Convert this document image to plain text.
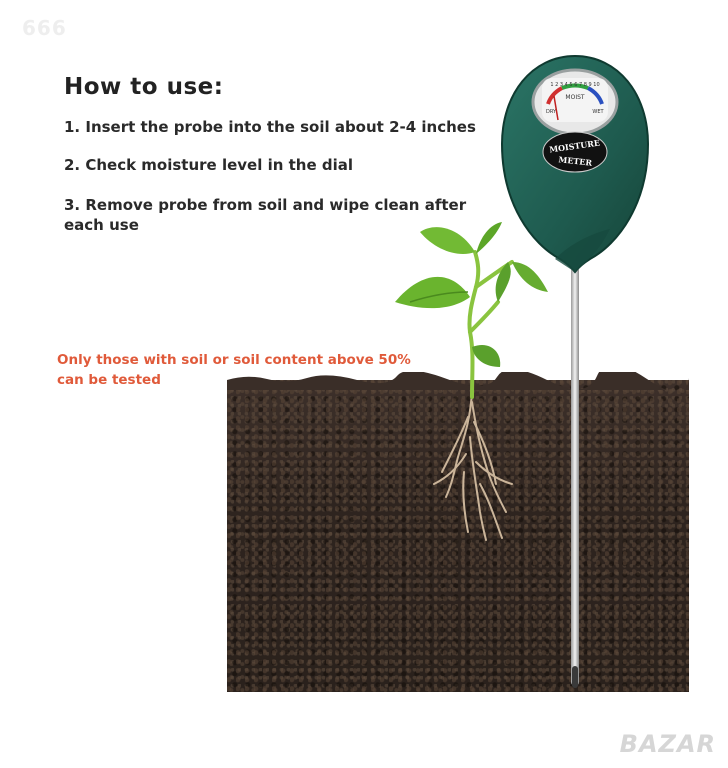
666
How to use:
1. Insert the probe into the soil about 2-4 inches
2. Check moisture level in the dial
3. Remove probe from soil and wipe clean after each use
Only those with soil or soil content above 50% can be tested
1 2 3 4 5 6 7 8 9 10
MOIST
DRY	WET
MOISTURE
METER
BAZAR
